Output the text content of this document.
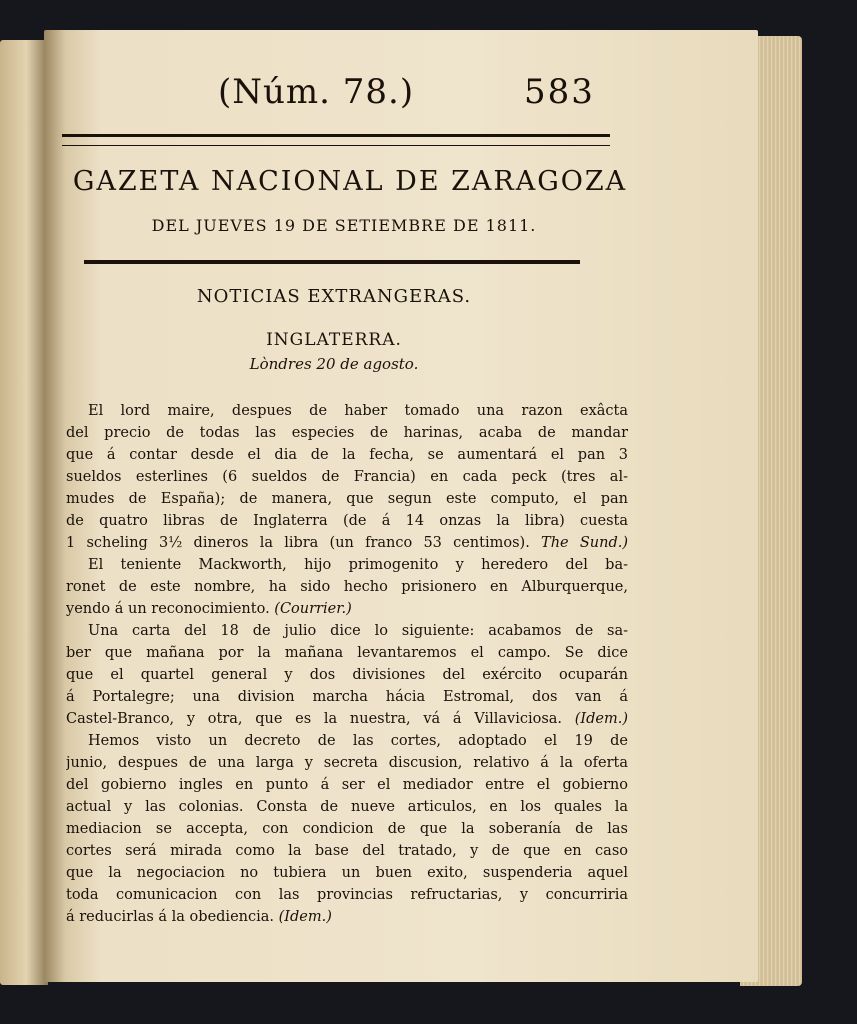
(Núm. 78.)	583
GAZETA NACIONAL DE ZARAGOZA
DEL JUEVES 19 DE SETIEMBRE DE 1811.
NOTICIAS EXTRANGERAS.
INGLATERRA.
Lòndres 20 de agosto.
El lord maire, despues de haber tomado una razon exâcta
del precio de todas las especies de harinas, acaba de mandar
que á contar desde el dia de la fecha, se aumentará el pan 3
sueldos esterlines (6 sueldos de Francia) en cada peck (tres al-
mudes de España); de manera, que segun este computo, el pan
de quatro libras de Inglaterra (de á 14 onzas la libra) cuesta
1 scheling 3½ dineros la libra (un franco 53 centimos). The Sund.)
El teniente Mackworth, hijo primogenito y heredero del ba-
ronet de este nombre, ha sido hecho prisionero en Alburquerque,
yendo á un reconocimiento. (Courrier.)
Una carta del 18 de julio dice lo siguiente: acabamos de sa-
ber que mañana por la mañana levantaremos el campo. Se dice
que el quartel general y dos divisiones del exército ocuparán
á Portalegre; una division marcha hácia Estromal, dos van á
Castel-Branco, y otra, que es la nuestra, vá á Villaviciosa. (Idem.)
Hemos visto un decreto de las cortes, adoptado el 19 de
junio, despues de una larga y secreta discusion, relativo á la oferta
del gobierno ingles en punto á ser el mediador entre el gobierno
actual y las colonias. Consta de nueve articulos, en los quales la
mediacion se accepta, con condicion de que la soberanía de las
cortes será mirada como la base del tratado, y de que en caso
que la negociacion no tubiera un buen exito, suspenderia aquel
toda comunicacion con las provincias refructarias, y concurriria
á reducirlas á la obediencia. (Idem.)
